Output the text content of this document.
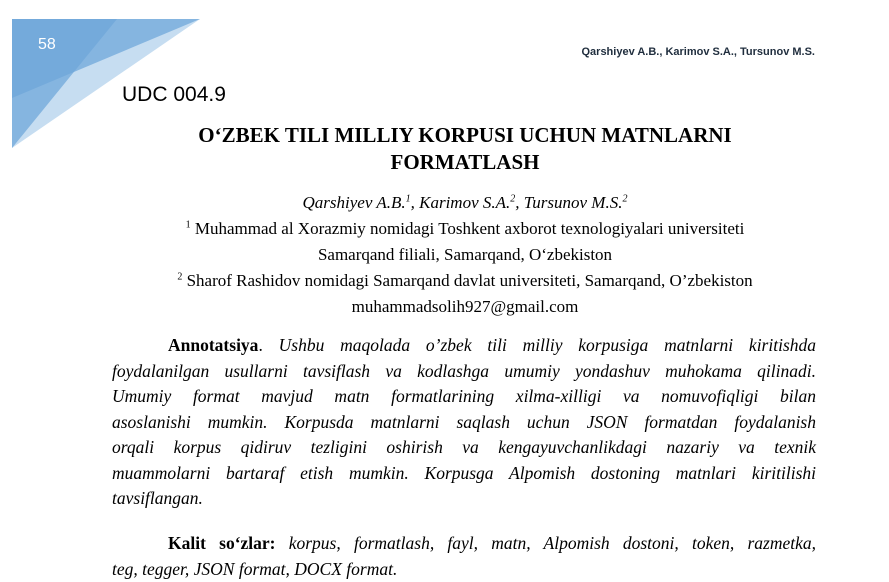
58	Qarshiyev A.B., Karimov S.A., Tursunov M.S.
UDC 004.9
O‘ZBEK TILI MILLIY KORPUSI UCHUN MATNLARNI
FORMATLASH
Qarshiyev A.B.$^1$, Karimov S.A.$^2$, Tursunov M.S.$^2$
$^1$ Muhammad al Xorazmiy nomidagi Toshkent axborot texnologiyalari universiteti
Samarqand filiali, Samarqand, O‘zbekiston
$^2$ Sharof Rashidov nomidagi Samarqand davlat universiteti, Samarqand, O’zbekiston
muhammadsolih927@gmail.com
Annotatsiya. Ushbu maqolada o’zbek tili milliy korpusiga matnlarni kiritishda
foydalanilgan usullarni tavsiflash va kodlashga umumiy yondashuv muhokama qilinadi.
Umumiy format mavjud matn formatlarining xilma-xilligi va nomuvofiqligi bilan
asoslanishi mumkin. Korpusda matnlarni saqlash uchun JSON formatdan foydalanish
orqali korpus qidiruv tezligini oshirish va kengayuvchanlikdagi nazariy va texnik
muammolarni bartaraf etish mumkin. Korpusga Alpomish dostoning matnlari kiritilishi
tavsiflangan.
Kalit so‘zlar: korpus, formatlash, fayl, matn, Alpomish dostoni, token, razmetka,
teg, tegger, JSON format, DOCX format.
